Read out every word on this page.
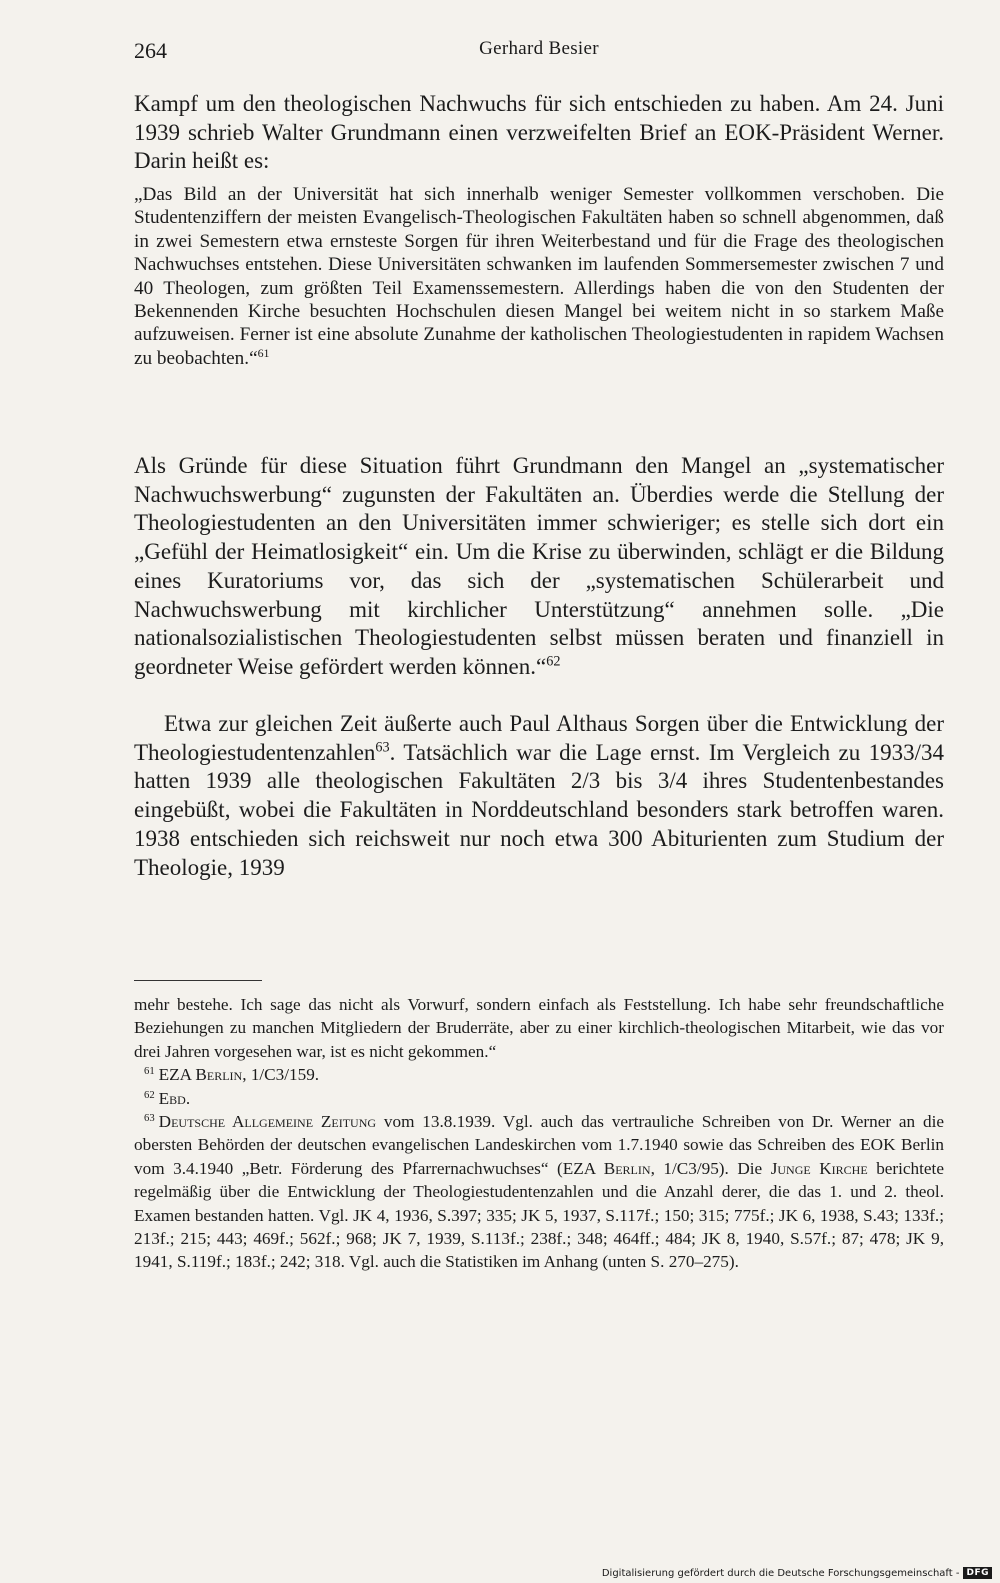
264	Gerhard Besier

Kampf um den theologischen Nachwuchs für sich entschieden zu haben. Am 24. Juni 1939 schrieb Walter Grundmann einen verzweifelten Brief an EOK-Präsident Werner. Darin heißt es:

„Das Bild an der Universität hat sich innerhalb weniger Semester vollkommen verschoben. Die Studentenziffern der meisten Evangelisch-Theologischen Fakultäten haben so schnell abgenommen, daß in zwei Semestern etwa ernsteste Sorgen für ihren Weiterbestand und für die Frage des theologischen Nachwuchses entstehen. Diese Universitäten schwanken im laufenden Sommersemester zwischen 7 und 40 Theologen, zum größten Teil Examenssemestern. Allerdings haben die von den Studenten der Bekennenden Kirche besuchten Hochschulen diesen Mangel bei weitem nicht in so starkem Maße aufzuweisen. Ferner ist eine absolute Zunahme der katholischen Theologiestudenten in rapidem Wachsen zu beobachten.“$^{61}$

Als Gründe für diese Situation führt Grundmann den Mangel an „systematischer Nachwuchswerbung“ zugunsten der Fakultäten an. Überdies werde die Stellung der Theologiestudenten an den Universitäten immer schwieriger; es stelle sich dort ein „Gefühl der Heimatlosigkeit“ ein. Um die Krise zu überwinden, schlägt er die Bildung eines Kuratoriums vor, das sich der „systematischen Schülerarbeit und Nachwuchswerbung mit kirchlicher Unterstützung“ annehmen solle. „Die nationalsozialistischen Theologiestudenten selbst müssen beraten und finanziell in geordneter Weise gefördert werden können.“$^{62}$

Etwa zur gleichen Zeit äußerte auch Paul Althaus Sorgen über die Entwicklung der Theologiestudentenzahlen$^{63}$. Tatsächlich war die Lage ernst. Im Vergleich zu 1933/34 hatten 1939 alle theologischen Fakultäten 2/3 bis 3/4 ihres Studentenbestandes eingebüßt, wobei die Fakultäten in Norddeutschland besonders stark betroffen waren. 1938 entschieden sich reichsweit nur noch etwa 300 Abiturienten zum Studium der Theologie, 1939

mehr bestehe. Ich sage das nicht als Vorwurf, sondern einfach als Feststellung. Ich habe sehr freundschaftliche Beziehungen zu manchen Mitgliedern der Bruderräte, aber zu einer kirchlich-theologischen Mitarbeit, wie das vor drei Jahren vorgesehen war, ist es nicht gekommen.“

$^{61}$ EZA Berlin, 1/C3/159.

$^{62}$ Ebd.

$^{63}$ Deutsche Allgemeine Zeitung vom 13.8.1939. Vgl. auch das vertrauliche Schreiben von Dr. Werner an die obersten Behörden der deutschen evangelischen Landeskirchen vom 1.7.1940 sowie das Schreiben des EOK Berlin vom 3.4.1940 „Betr. Förderung des Pfarrernachwuchses“ (EZA Berlin, 1/C3/95). Die Junge Kirche berichtete regelmäßig über die Entwicklung der Theologiestudentenzahlen und die Anzahl derer, die das 1. und 2. theol. Examen bestanden hatten. Vgl. JK 4, 1936, S.397; 335; JK 5, 1937, S.117f.; 150; 315; 775f.; JK 6, 1938, S.43; 133f.; 213f.; 215; 443; 469f.; 562f.; 968; JK 7, 1939, S.113f.; 238f.; 348; 464ff.; 484; JK 8, 1940, S.57f.; 87; 478; JK 9, 1941, S.119f.; 183f.; 242; 318. Vgl. auch die Statistiken im Anhang (unten S. 270–275).

Digitalisierung gefördert durch die Deutsche Forschungsgemeinschaft - DFG
